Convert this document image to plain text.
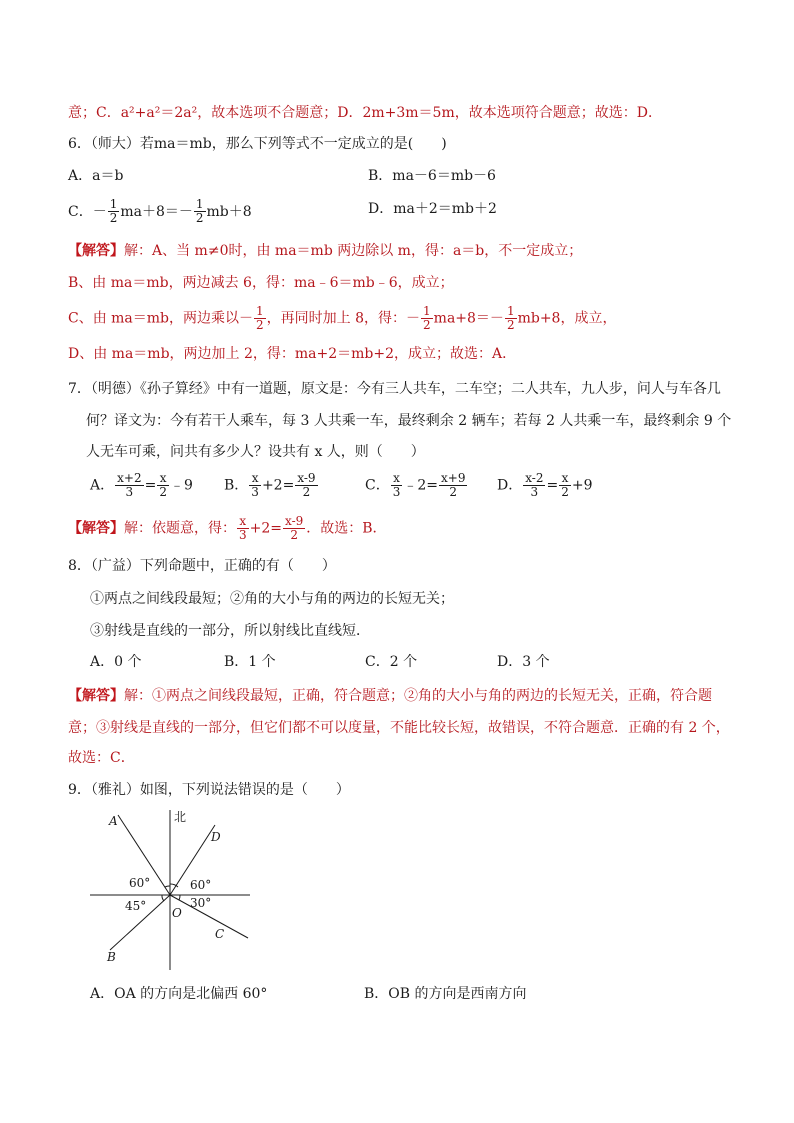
意；C．a²+a²＝2a²，故本选项不合题意；D．2m+3m＝5m，故本选项符合题意；故选：D．
6．（师大）若ma＝mb，那么下列等式不一定成立的是(　　)
A．a＝b	B．ma－6＝mb－6
C．－ $\frac{1}{2} ma+8=- \frac{1}{2} mb+8$	D．ma＋2＝mb＋2
【解答】解：A、当 m≠0时，由 ma＝mb 两边除以 m，得：a＝b，不一定成立；
B、由 ma＝mb，两边减去 6，得：ma﹣6＝mb﹣6，成立；
C、由 ma＝mb，两边乘以－ $\frac{1}{2}$ ，再同时加上 8，得：－ $\frac{1}{2} ma+8=- \frac{1}{2} mb+8$，成立，
D、由 ma＝mb，两边加上 2，得：ma+2＝mb+2，成立；故选：A．
7．（明德）《孙子算经》中有一道题，原文是：今有三人共车，二车空；二人共车，九人步，问人与车各几
何？译文为：今有若干人乘车，每 3 人共乘一车，最终剩余 2 辆车；若每 2 人共乘一车，最终剩余 9 个
人无车可乘，问共有多少人？设共有 x 人，则（　　）
A． $\frac{x+2}{3} = \frac{x}{2}$ ﹣9 B． $\frac{x}{3} +2= \frac{x-9}{2}$	C． $\frac{x}{3}$ ﹣2= $\frac{x+9}{2}$ D． $\frac{x-2}{3} = \frac{x}{2} +9$
【解答】解：依题意，得： $\frac{x}{3} +2= \frac{x-9}{2}$ ．故选：B．
8．（广益）下列命题中，正确的有（　　）
①两点之间线段最短；②角的大小与角的两边的长短无关；
③射线是直线的一部分，所以射线比直线短．
A．0 个	B．1 个	C．2 个	D．3 个
【解答】解：①两点之间线段最短，正确，符合题意；②角的大小与角的两边的长短无关，正确，符合题
意；③射线是直线的一部分，但它们都不可以度量，不能比较长短，故错误，不符合题意．正确的有 2 个，
故选：C．
9．（雅礼）如图，下列说法错误的是（　　）
北
A
D
B
C
O
60°	60°
45°	30°
A．OA 的方向是北偏西 60°	B．OB 的方向是西南方向
